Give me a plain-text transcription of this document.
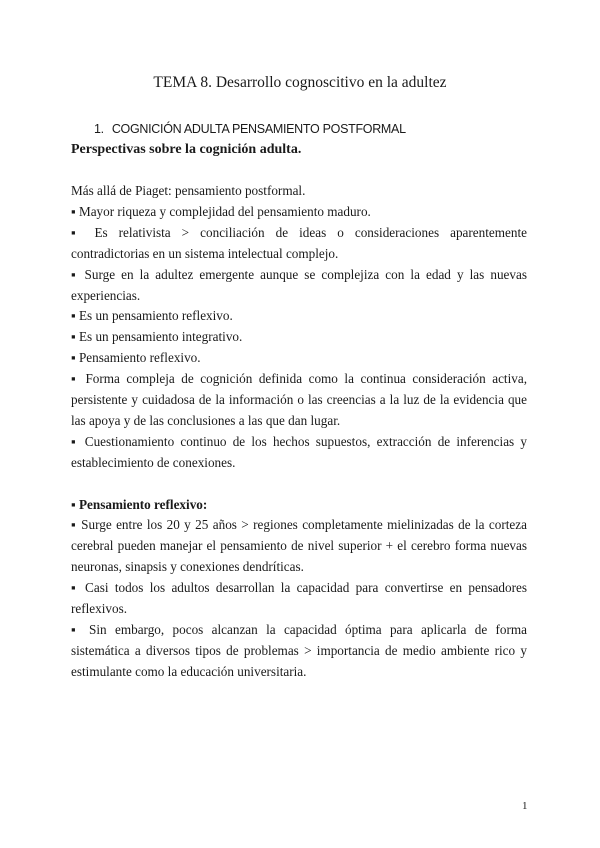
TEMA 8. Desarrollo cognoscitivo en la adultez
1. COGNICIÓN ADULTA PENSAMIENTO POSTFORMAL
Perspectivas sobre la cognición adulta.

Más allá de Piaget: pensamiento postformal.

▪ Mayor riqueza y complejidad del pensamiento maduro.

▪ Es relativista > conciliación de ideas o consideraciones aparentemente contradictorias en un sistema intelectual complejo.

▪ Surge en la adultez emergente aunque se complejiza con la edad y las nuevas experiencias.

▪ Es un pensamiento reflexivo.

▪ Es un pensamiento integrativo.

▪ Pensamiento reflexivo.

▪ Forma compleja de cognición definida como la continua consideración activa, persistente y cuidadosa de la información o las creencias a la luz de la evidencia que las apoya y de las conclusiones a las que dan lugar.

▪ Cuestionamiento continuo de los hechos supuestos, extracción de inferencias y establecimiento de conexiones.

▪ Pensamiento reflexivo:

▪ Surge entre los 20 y 25 años > regiones completamente mielinizadas de la corteza cerebral pueden manejar el pensamiento de nivel superior + el cerebro forma nuevas neuronas, sinapsis y conexiones dendríticas.

▪ Casi todos los adultos desarrollan la capacidad para convertirse en pensadores reflexivos.

▪ Sin embargo, pocos alcanzan la capacidad óptima para aplicarla de forma sistemática a diversos tipos de problemas > importancia de medio ambiente rico y estimulante como la educación universitaria.

1
